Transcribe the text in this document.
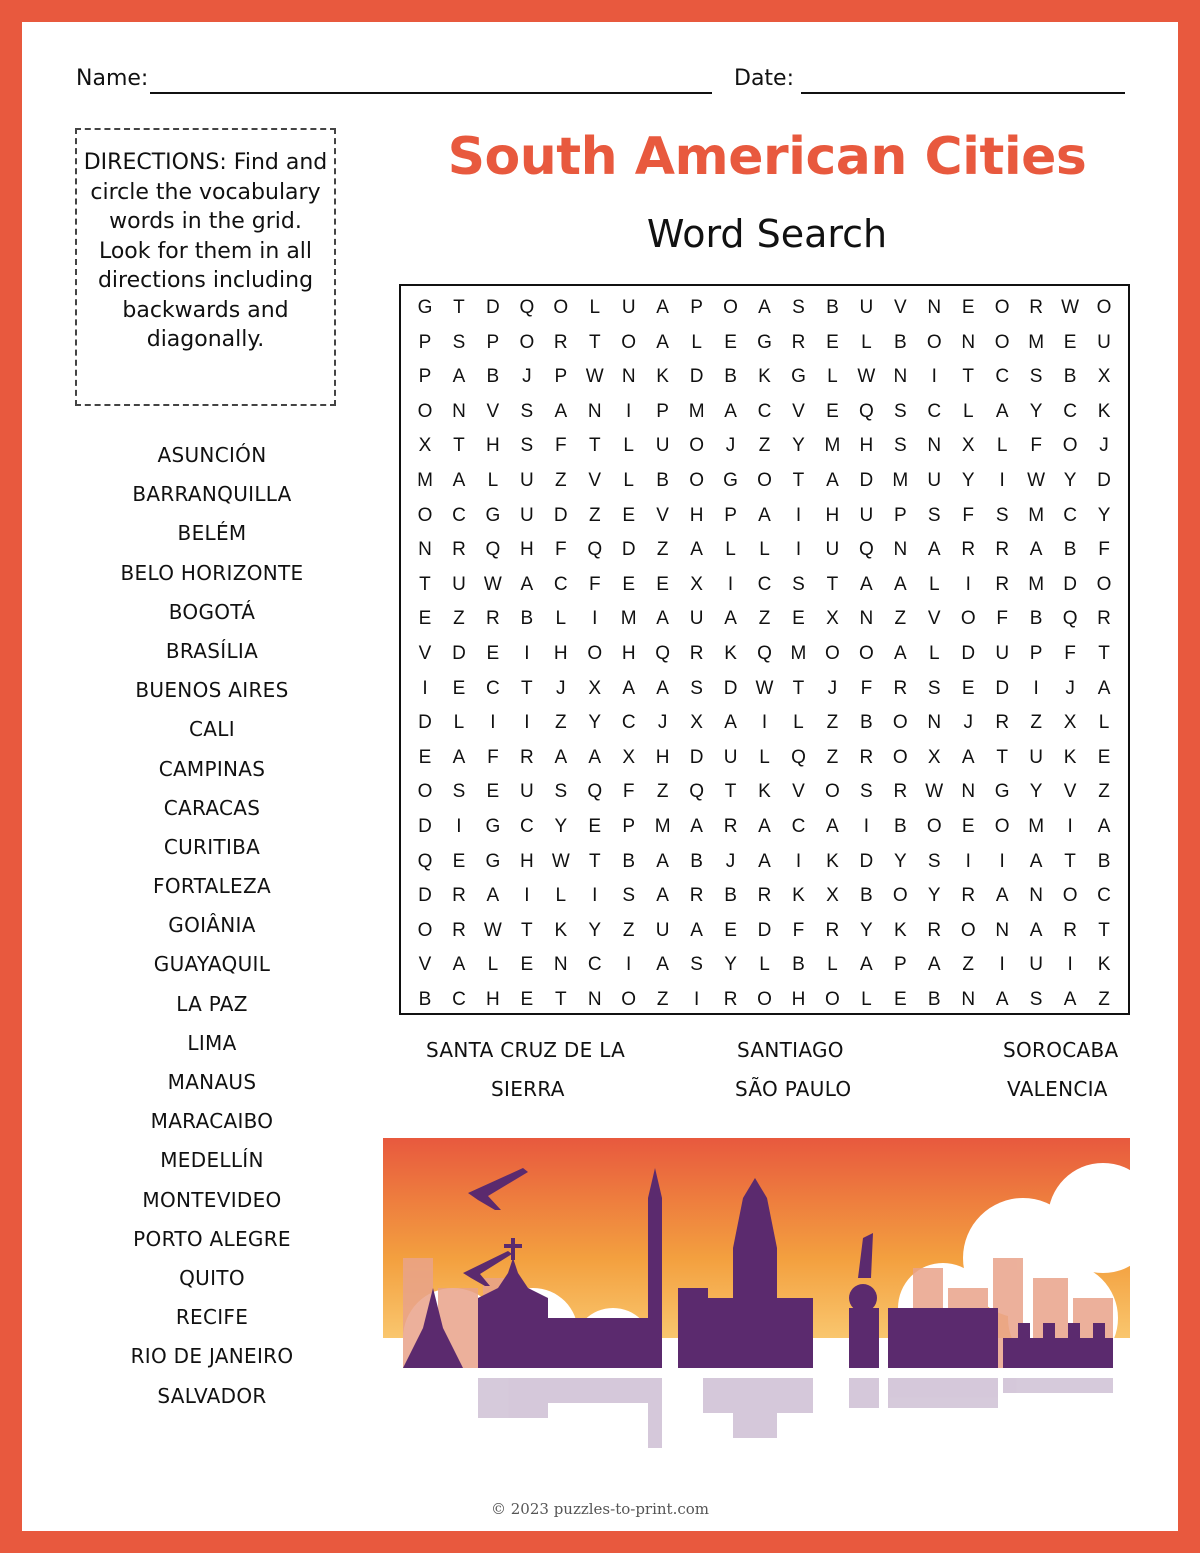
Name:	Date:
DIRECTIONS: Find and circle the vocabulary words in the grid. Look for them in all directions including backwards and diagonally.
South American Cities
Word Search
ASUNCIÓN
BARRANQUILLA
BELÉM
BELO HORIZONTE
BOGOTÁ
BRASÍLIA
BUENOS AIRES
CALI
CAMPINAS
CARACAS
CURITIBA
FORTALEZA
GOIÂNIA
GUAYAQUIL
LA PAZ
LIMA
MANAUS
MARACAIBO
MEDELLÍN
MONTEVIDEO
PORTO ALEGRE
QUITO
RECIFE
RIO DE JANEIRO
SALVADOR
G	T	D	Q	O	L	U	A	P	O	A	S	B	U	V	N	E	O	R W O
P	S	P	O	R	T	O	A	L	E	G	R	E	L	B	O	N	O M	E	U
P	A	B	J	P W N	K	D	B	K	G	L	W N	I	T	C	S	B	X
O	N	V	S	A	N	I	P	M	A	C	V	E	Q	S	C	L	A	Y	C	K
X	T	H	S	F	T	L	U	O	J	Z	Y	M	H	S	N	X	L	F	O	J
M	A	L	U	Z	V	L	B	O	G	O	T	A	D	M	U	Y	I	W Y	D
O	C	G	U	D	Z	E	V	H	P	A	I	H	U	P	S	F	S	M	C	Y
N	R	Q	H	F	Q	D	Z	A	L	L	I	U	Q	N	A	R	R	A	B	F
T	U W A	C	F	E	E	X	I	C	S	T	A	A	L	I	R	M	D	O
E	Z	R	B	L	I	M	A	U	A	Z	E	X	N	Z	V	O	F	B	Q	R
V	D	E	I	H	O	H	Q	R	K	Q M O	O	A	L	D	U	P	F	T
I	E	C	T	J	X	A	A	S	D W	T	J	F	R	S	E	D	I	J	A
D	L	I	I	Z	Y	C	J	X	A	I	L	Z	B	O	N	J	R	Z	X	L
E	A	F	R	A	A	X	H	D	U	L	Q	Z	R	O	X	A	T	U	K	E
O	S	E	U	S	Q	F	Z	Q	T	K	V	O	S	R W N	G	Y	V	Z
D	I	G	C	Y	E	P	M	A	R	A	C	A	I	B	O	E	O M	I	A
Q	E	G	H W	T	B	A	B	J	A	I	K	D	Y	S	I	I	A	T	B
D	R	A	I	L	I	S	A	R	B	R	K	X	B	O	Y	R	A	N	O	C
O	R W	T	K	Y	Z	U	A	E	D	F	R	Y	K	R	O	N	A	R	T
V	A	L	E	N	C	I	A	S	Y	L	B	L	A	P	A	Z	I	U	I	K
B	C	H	E	T	N	O	Z	I	R	O	H	O	L	E	B	N	A	S	A	Z
SANTA CRUZ DE LA
SIERRA
SANTIAGO
SÃO PAULO
SOROCABA
VALENCIA
© 2023 puzzles-to-print.com
